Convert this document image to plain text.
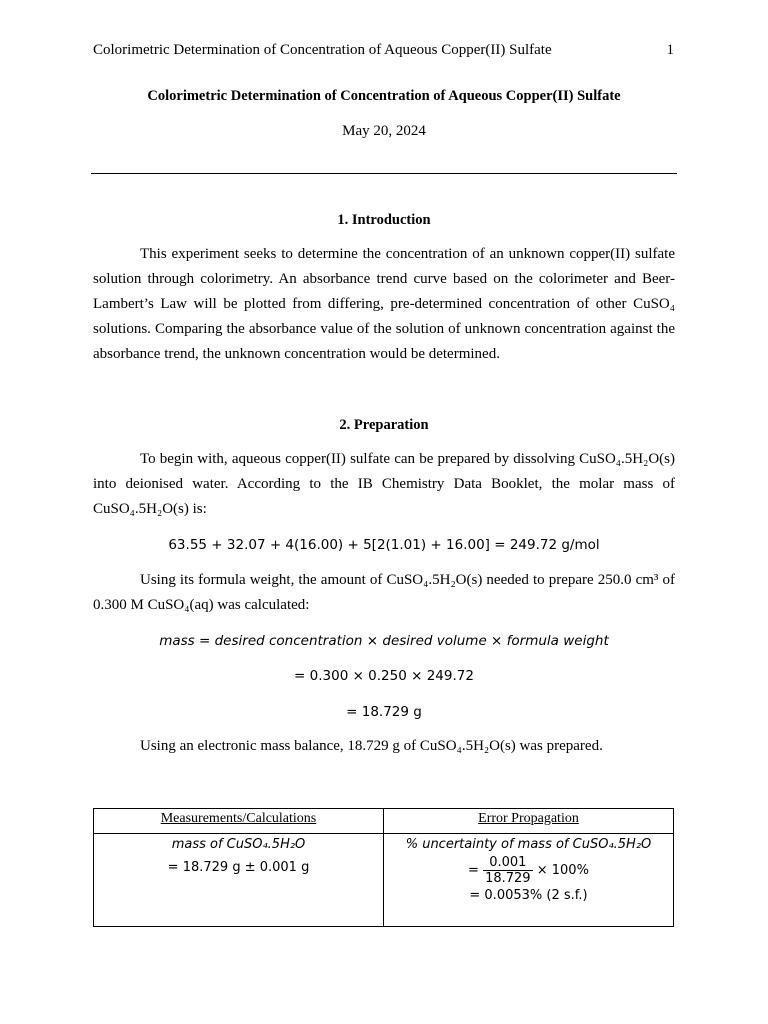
Colorimetric Determination of Concentration of Aqueous Copper(II) Sulfate	1
Colorimetric Determination of Concentration of Aqueous Copper(II) Sulfate
May 20, 2024
1. Introduction
This experiment seeks to determine the concentration of an unknown copper(II) sulfate solution through colorimetry. An absorbance trend curve based on the colorimeter and Beer-Lambert’s Law will be plotted from differing, pre-determined concentration of other CuSO₄ solutions. Comparing the absorbance value of the solution of unknown concentration against the absorbance trend, the unknown concentration would be determined.
2. Preparation
To begin with, aqueous copper(II) sulfate can be prepared by dissolving CuSO₄.5H₂O(s) into deionised water. According to the IB Chemistry Data Booklet, the molar mass of CuSO₄.5H₂O(s) is:
63.55 + 32.07 + 4(16.00) + 5[2(1.01) + 16.00] = 249.72 g/mol
Using its formula weight, the amount of CuSO₄.5H₂O(s) needed to prepare 250.0 cm³ of 0.300 M CuSO₄(aq) was calculated:
mass = desired concentration × desired volume × formula weight
= 0.300 × 0.250 × 249.72
= 18.729 g
Using an electronic mass balance, 18.729 g of CuSO₄.5H₂O(s) was prepared.
Measurements/Calculations
mass of CuSO₄.5H₂O
= 18.729 g ± 0.001 g
Error Propagation
% uncertainty of mass of CuSO₄.5H₂O
= $\frac{0.001}{18.729} \times 100\%$
= 0.0053% (2 s.f.)
